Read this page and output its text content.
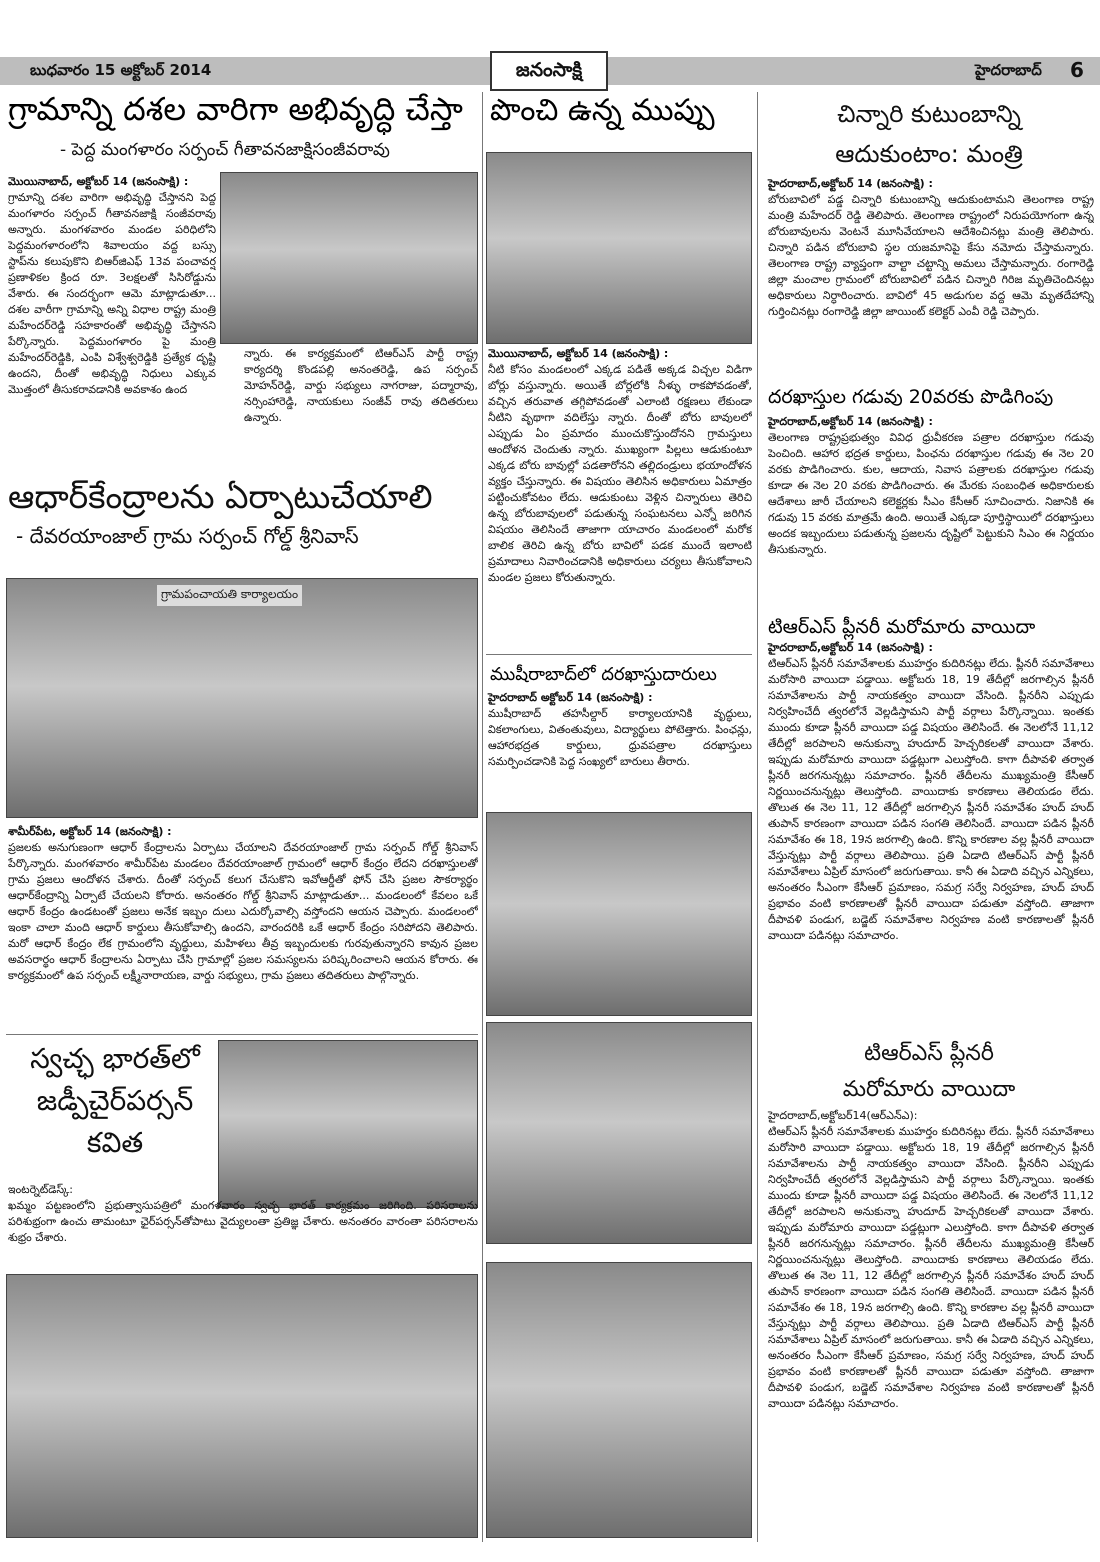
బుధవారం 15 అక్టోబర్ 2014	జనంసాక్షి	హైదరాబాద్ 6
గ్రామాన్ని దశల వారిగా అభివృద్ధి చేస్తా
- పెద్ద మంగళారం సర్పంచ్ గీతావనజాక్షిసంజీవరావు
మొయినాబాద్, అక్టోబర్ 14 (జనంసాక్షి) :
గ్రామాన్ని దశల వారిగా అభివృద్ధి చేస్తానని పెద్ద మంగళారం సర్పంచ్ గీతావనజాక్షి సంజీవరావు అన్నారు. మంగళవారం మండల పరిధిలోని పెద్దమంగళారంలోని శివాలయం వద్ద బస్సు స్టాప్‌ను కలుపుకొని బిఆర్‌జిఎఫ్ 13వ పంచావర్ష ప్రణాళికల క్రింద రూ. 3లక్షలతో సిసిరోడ్డును వేశారు. ఈ సందర్భంగా ఆమె మాట్లాడుతూ... దశల వారీగా గ్రామాన్ని అన్ని విధాల రాష్ట్ర మంత్రి మహేందర్‌రెడ్డి సహకారంతో అభివృద్ధి చేస్తానని పేర్కొన్నారు. పెద్దమంగళారం పై మంత్రి మహేందర్‌రెడ్డికి, ఎంపి విశ్వేశ్వరెడ్డికి ప్రత్యేక దృష్టి ఉందని, దీంతో అభివృద్ధి నిధులు ఎక్కువ మొత్తంలో తీసుకరావడానికి అవకాశం ఉంద
న్నారు. ఈ కార్యక్రమంలో టిఆర్ఎస్ పార్టీ రాష్ట్ర కార్యదర్శి కొండపల్లి అనంతరెడ్డి, ఉప సర్పంచ్ మోహన్‌రెడ్డి, వార్డు సభ్యులు నాగరాజు, పద్మారావు, నర్సింహారెడ్డి, నాయకులు సంజీవ్ రావు తదితరులు ఉన్నారు.
ఆధార్‌కేంద్రాలను ఏర్పాటుచేయాలి
- దేవరయాంజాల్ గ్రామ సర్పంచ్ గోల్డ్ శ్రీనివాస్
గ్రామపంచాయతి కార్యాలయం
శామీర్‌పేట, అక్టోబర్ 14 (జనంసాక్షి) :
ప్రజలకు అనుగుణంగా ఆధార్ కేంద్రాలను ఏర్పాటు చేయాలని దేవరయాంజాల్ గ్రామ సర్పంచ్ గోల్డ్ శ్రీనివాస్ పేర్కొన్నారు. మంగళవారం శామీర్‌పేట మండలం దేవరయాంజాల్ గ్రామంలో ఆధార్ కేంద్రం లేదని దరఖాస్తులతో గ్రామ ప్రజలు ఆందోళన చేశారు. దీంతో సర్పంచ్ కలుగ చేసుకొని ఇవోఆర్డీతో ఫోన్ చేసి ప్రజల సౌకర్యార్థం ఆధార్‌కేంద్రాన్ని ఏర్పాటే చేయలని కోరారు. అనంతరం గోల్డ్ శ్రీనివాస్ మాట్లాడుతూ... మండలంలో కేవలం ఒకే ఆధార్ కేంద్రం ఉండటంతో ప్రజలు అనేక ఇబ్బం దులు ఎదుర్కోవాల్సి వస్తోందని ఆయన చెప్పారు. మండలంలో ఇంకా చాలా మంది ఆధార్ కార్డులు తీసుకోవాల్సి ఉందని, వారందరికి ఒకే ఆధార్ కేంద్రం సరిపోదని తెలిపారు. మరో ఆధార్ కేంద్రం లేక గ్రామంలోని వృద్ధులు, మహిళలు తీవ్ర ఇబ్బందులకు గురవుతున్నారని కావున ప్రజల అవసరార్థం ఆధార్ కేంద్రాలను ఏర్పాటు చేసి గ్రామాల్లో ప్రజల సమస్యలను పరిష్కరించాలని ఆయన కోరారు. ఈ కార్యక్రమంలో ఉప సర్పంచ్ లక్ష్మీనారాయణ, వార్డు సభ్యులు, గ్రామ ప్రజలు తదితరులు పాల్గొన్నారు.
స్వచ్ఛ భారత్‌లో
జడ్పీచైర్‌పర్సన్
కవిత
ఇంటర్నెట్‌డెస్క్:
ఖమ్మం పట్టణంలోని ప్రభుత్వాసుపత్రిలో మంగళవారం స్వచ్ఛ భారత్ కార్యక్రమం జరిగింది. పరిసరాలను పరిశుభ్రంగా ఉంచు తామంటూ ఛైర్‌పర్సన్‌తోపాటు వైద్యులంతా ప్రతిజ్ఞ చేశారు. అనంతరం వారంతా పరిసరాలను శుభ్రం చేశారు.
పొంచి ఉన్న ముప్పు
మొయినాబాద్, అక్టోబర్ 14 (జనంసాక్షి) :
నీటి కోసం మండలంలో ఎక్కడ పడితే అక్కడ విచ్చల విడిగా బోర్లు వస్తున్నారు. అయితే బోర్లలోకి నీళ్ళు రాకపోవడంతో, వచ్చిన తరువాత తగ్గిపోవడంతో ఎలాంటి రక్షణలు లేకుండా నీటిని వృథాగా వదిలేస్తు న్నారు. దీంతో బోరు బావులలో ఎప్పుడు ఏం ప్రమాదం ముంచుకొస్తుందోనని గ్రామస్తులు ఆందోళన చెందుతు న్నారు. ముఖ్యంగా పిల్లలు ఆడుకుంటూ ఎక్కడ బోరు బావుల్లో పడతారోనని తల్లిదండ్రులు భయాందోళన వ్యక్తం చేస్తున్నారు. ఈ విషయం తెలిసిన అధికారులు ఏమాత్రం పట్టించుకోవటం లేదు. ఆడుకుంటు వెళ్లిన చిన్నారులు తెరిచి ఉన్న బోరుబావులలో పడుతున్న సంఘటనలు ఎన్నో జరిగిన విషయం తెలిసిందే తాజాగా యాచారం మండలంలో మరోక బాలిక తెరిచి ఉన్న బోరు బావిలో పడక ముందే ఇలాంటి ప్రమాదాలు నివారించడానికి అధికారులు చర్యలు తీసుకోవాలని మండల ప్రజలు కోరుతున్నారు.
ముషీరాబాద్‌లో దరఖాస్తుదారులు
హైదరాబాద్ అక్టోబర్ 14 (జనంసాక్షి) :
ముషీరాబాద్ తహసీల్దార్ కార్యాలయానికి వృద్ధులు, వికలాంగులు, వితంతువులు, విద్యార్థులు పోటెత్తారు. పింఛన్లు, ఆహారభద్రత కార్డులు, ధ్రువపత్రాల దరఖాస్తులు సమర్పించడానికి పెద్ద సంఖ్యలో బారులు తీరారు.
చిన్నారి కుటుంబాన్ని
ఆదుకుంటాం: మంత్రి
హైదరాబాద్,అక్టోబర్ 14 (జనంసాక్షి) :
బోరుబావిలో పడ్డ చిన్నారి కుటుంబాన్ని ఆదుకుంటామని తెలంగాణ రాష్ట్ర మంత్రి మహేందర్ రెడ్డి తెలిపారు. తెలంగాణ రాష్ట్రంలో నిరుపయోగంగా ఉన్న బోరుబావులను వెంటనే మూసివేయాలని ఆదేశించినట్లు మంత్రి తెలిపారు. చిన్నారి పడిన బోరుబావి స్థల యజమానిపై కేసు నమోదు చేస్తామన్నారు. తెలంగాణ రాష్ట్ర వ్యాప్తంగా వాల్టా చట్టాన్ని అమలు చేస్తామన్నారు. రంగారెడ్డి జిల్లా మంచాల గ్రామంలో బోరుబావిలో పడిన చిన్నారి గిరిజ మృతిచెందినట్లు అధికారులు నిర్ధారించారు. బావిలో 45 అడుగుల వద్ద ఆమె మృతదేహాన్ని గుర్తించినట్లు రంగారెడ్డి జిల్లా జాయింట్ కలెక్టర్ ఎంవీ రెడ్డి చెప్పారు.
దరఖాస్తుల గడువు 20వరకు పొడిగింపు
హైదరాబాద్,అక్టోబర్ 14 (జనంసాక్షి) :
తెలంగాణ రాష్ట్రప్రభుత్వం వివిధ ధ్రువీకరణ పత్రాల దరఖాస్తుల గడువు పెంచింది. ఆహార భద్రత కార్డులు, పింఛను దరఖాస్తుల గడువు ఈ నెల 20 వరకు పొడిగించారు. కుల, ఆదాయ, నివాస పత్రాలకు దరఖాస్తుల గడువు కూడా ఈ నెల 20 వరకు పొడిగించారు. ఈ మేరకు సంబంధిత అధికారులకు ఆదేశాలు జారీ చేయాలని కలెక్టర్లకు సీఎం కేసీఆర్ సూచించారు. నిజానికి ఈ గడువు 15 వరకు మాత్రమే ఉంది. అయితే ఎక్కడా పూర్తిస్థాయిలో దరఖాస్తులు అందక ఇబ్బందులు పడుతున్న ప్రజలను దృష్టిలో పెట్టుకుని సిఎం ఈ నిర్ణయం తీసుకున్నారు.
టిఆర్ఎస్ ప్లీనరీ మరోమారు వాయిదా
హైదరాబాద్,అక్టోబర్ 14 (జనంసాక్షి) :
టిఆర్ఎస్ ప్లీనరీ సమావేశాలకు ముహర్తం కుదిరినట్లు లేదు. ప్లీనరీ సమావేశాలు మరోసారి వాయిదా పడ్డాయి. అక్టోబరు 18, 19 తేదీల్లో జరగాల్సిన ప్లీనరీ సమావేశాలను పార్టీ నాయకత్వం వాయిదా వేసింది. ప్లీనరీని ఎప్పుడు నిర్వహించేదీ త్వరలోనే వెల్లడిస్తామని పార్టీ వర్గాలు పేర్కొన్నాయి. ఇంతకు ముందు కూడా ప్లీనరీ వాయిదా పడ్డ విషయం తెలిసిందే. ఈ నెలలోనే 11,12 తేదీల్లో జరపాలని అనుకున్నా హుదూద్ హెచ్చరికలతో వాయిదా వేశారు. ఇప్పుడు మరోమారు వాయిదా పడ్డట్లుగా ఎలుస్తోంది. కాగా దీపావళి తర్వాత ప్లీనరీ జరగనున్నట్లు సమాచారం. ప్లీనరీ తేదీలను ముఖ్యమంత్రి కేసీఆర్ నిర్ణయించనున్నట్లు తెలుస్తోంది. వాయిదాకు కారణాలు తెలియడం లేదు. తొలుత ఈ నెల 11, 12 తేదీల్లో జరగాల్సిన ప్లీనరీ సమావేశం హుద్ హుద్ తుపాన్ కారణంగా వాయిదా పడిన సంగతి తెలిసిందే. వాయిదా పడిన ప్లీనరీ సమావేశం ఈ 18, 19న జరగాల్సి ఉంది. కొన్ని కారణాల వల్ల ప్లీనరీ వాయిదా వేస్తున్నట్లు పార్టీ వర్గాలు తెలిపాయి. ప్రతి ఏడాది టిఆర్ఎస్ పార్టీ ప్లీనరీ సమావేశాలు ఏప్రిల్ మాసంలో జరుగుతాయి. కానీ ఈ ఏడాది వచ్చిన ఎన్నికలు, అనంతరం సీఎంగా కేసీఆర్ ప్రమాణం, సమగ్ర సర్వే నిర్వహణ, హుద్ హుద్ ప్రభావం వంటి కారణాలతో ప్లీనరీ వాయిదా పడుతూ వస్తోంది. తాజాగా దీపావళి పండుగ, బడ్జెట్ సమావేశాల నిర్వహణ వంటి కారణాలతో ప్లీనరీ వాయిదా పడినట్లు సమాచారం.
టిఆర్ఎస్ ప్లీనరీ
మరోమారు వాయిదా
హైదరాబాద్,అక్టోబర్14(ఆర్ఎన్ఎ):
టిఆర్ఎస్ ప్లీనరీ సమావేశాలకు ముహర్తం కుదిరినట్లు లేదు. ప్లీనరీ సమావేశాలు మరోసారి వాయిదా పడ్డాయి. అక్టోబరు 18, 19 తేదీల్లో జరగాల్సిన ప్లీనరీ సమావేశాలను పార్టీ నాయకత్వం వాయిదా వేసింది. ప్లీనరీని ఎప్పుడు నిర్వహించేదీ త్వరలోనే వెల్లడిస్తామని పార్టీ వర్గాలు పేర్కొన్నాయి. ఇంతకు ముందు కూడా ప్లీనరీ వాయిదా పడ్డ విషయం తెలిసిందే. ఈ నెలలోనే 11,12 తేదీల్లో జరపాలని అనుకున్నా హుదూద్ హెచ్చరికలతో వాయిదా వేశారు. ఇప్పుడు మరోమారు వాయిదా పడ్డట్లుగా ఎలుస్తోంది. కాగా దీపావళి తర్వాత ప్లీనరీ జరగనున్నట్లు సమాచారం. ప్లీనరీ తేదీలను ముఖ్యమంత్రి కేసీఆర్ నిర్ణయించనున్నట్లు తెలుస్తోంది. వాయిదాకు కారణాలు తెలియడం లేదు. తొలుత ఈ నెల 11, 12 తేదీల్లో జరగాల్సిన ప్లీనరీ సమావేశం హుద్ హుద్ తుపాన్ కారణంగా వాయిదా పడిన సంగతి తెలిసిందే. వాయిదా పడిన ప్లీనరీ సమావేశం ఈ 18, 19న జరగాల్సి ఉంది. కొన్ని కారణాల వల్ల ప్లీనరీ వాయిదా వేస్తున్నట్లు పార్టీ వర్గాలు తెలిపాయి. ప్రతి ఏడాది టిఆర్ఎస్ పార్టీ ప్లీనరీ సమావేశాలు ఏప్రిల్ మాసంలో జరుగుతాయి. కానీ ఈ ఏడాది వచ్చిన ఎన్నికలు, అనంతరం సీఎంగా కేసీఆర్ ప్రమాణం, సమగ్ర సర్వే నిర్వహణ, హుద్ హుద్ ప్రభావం వంటి కారణాలతో ప్లీనరీ వాయిదా పడుతూ వస్తోంది. తాజాగా దీపావళి పండుగ, బడ్జెట్ సమావేశాల నిర్వహణ వంటి కారణాలతో ప్లీనరీ వాయిదా పడినట్లు సమాచారం.
